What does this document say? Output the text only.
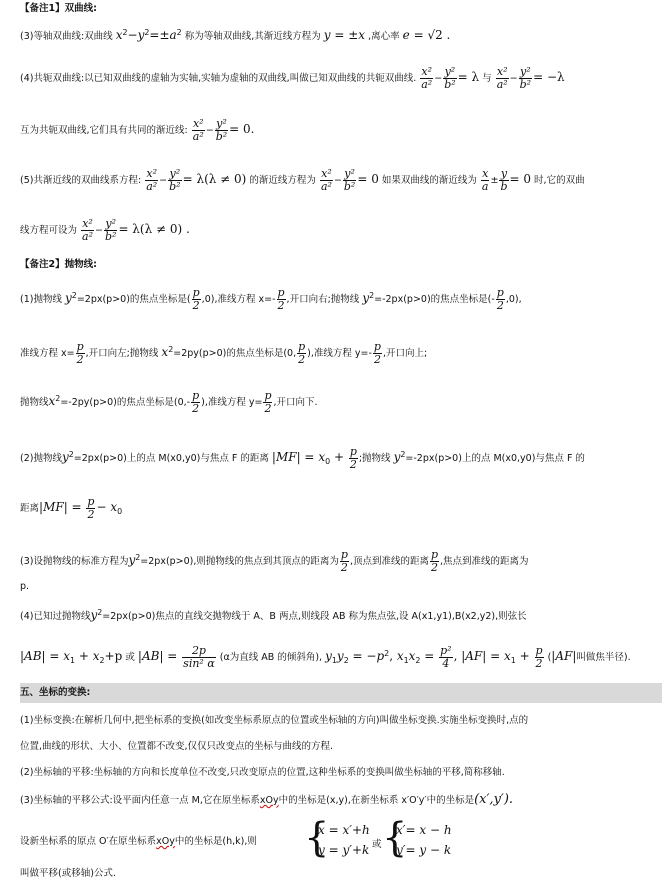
【备注1】双曲线:
(3)等轴双曲线:双曲线 $x^2-y^2=\pm a^2$ 称为等轴双曲线,其渐近线方程为 y = ±x ,离心率 e = √2 .
(4)共轭双曲线:以已知双曲线的虚轴为实轴,实轴为虚轴的双曲线,叫做已知双曲线的共轭双曲线. $\frac{\text{x²}}{\text{a²}} - \frac{\text{y²}}{\text{b²}} = \lambda$ 与 $\frac{\text{x²}}{\text{a²}} - \frac{\text{y²}}{\text{b²}} = -\lambda$
互为共轭双曲线,它们具有共同的渐近线: $\frac{\text{x²}}{\text{a²}} - \frac{\text{y²}}{\text{b²}} = 0$.
(5)共渐近线的双曲线系方程: $\frac{\text{x²}}{\text{a²}} - \frac{\text{y²}}{\text{b²}} = \lambda(\lambda \ne 0)$ 的渐近线方程为 $\frac{\text{x²}}{\text{a²}} - \frac{\text{y²}}{\text{b²}} = 0$ 如果双曲线的渐近线为 $\frac{x}{a} \pm \frac{y}{b} = 0$ 时,它的双曲
线方程可设为 $\frac{\text{x²}}{\text{a²}} - \frac{\text{y²}}{\text{b²}} = \lambda(\lambda \ne 0)$ .
【备注2】抛物线:
(1)抛物线 $y^2=2px(p>0)$的焦点坐标是( $\frac{p}{2} ,0$),准线方程 $x=- \frac{p}{2}$ ,开口向右;抛物线 $y^2=-2px(p>0)$的焦点坐标是(- $\frac{p}{2} ,0$),
准线方程 $x= \frac{p}{2}$ ,开口向左;抛物线 $x^2=2py(p>0)$的焦点坐标是(0, $\frac{p}{2}$ ),准线方程 $y=- \frac{p}{2}$ ,开口向上;
抛物线$x^2=-2py(p>0)$的焦点坐标是($0,- \frac{p}{2}$ ),准线方程 $y= \frac{p}{2}$ ,开口向下.
(2)抛物线$y^2=2px(p>0)$上的点 M(x0,y0)与焦点 F 的距离 $|MF| = x_0 + \frac{p}{2}$ ;抛物线 $y^2=-2px(p>0)$上的点 M(x0,y0)与焦点 F 的
距离$|MF| = \frac{p}{2} - x_0$
(3)设抛物线的标准方程为$y^2=2px(p>0)$,则抛物线的焦点到其顶点的距离为 $\frac{p}{2}$ ,顶点到准线的距离 $\frac{p}{2}$ ,焦点到准线的距离为
p.
(4)已知过抛物线$y^2=2px(p>0)$焦点的直线交抛物线于 A、B 两点,则线段 AB 称为焦点弦,设 A(x1,y1),B(x2,y2),则弦长
$|AB| = x_1 + x_2+p$ 或 $|AB| = \frac{2p}{\text{sin² α}} (\alpha$为直线 AB 的倾斜角), $y_1y_2 = -p^2$, $x_1x_2 = \frac{\text{p²}}{4}$ , $|AF| = x_1 + \frac{p}{2} (|AF|$叫做焦半径).
五、坐标的变换:
(1)坐标变换:在解析几何中,把坐标系的变换(如改变坐标系原点的位置或坐标轴的方向)叫做坐标变换.实施坐标变换时,点的
位置,曲线的形状、大小、位置都不改变,仅仅只改变点的坐标与曲线的方程.
(2)坐标轴的平移:坐标轴的方向和长度单位不改变,只改变原点的位置,这种坐标系的变换叫做坐标轴的平移,简称移轴.
(3)坐标轴的平移公式:设平面内任意一点 M,它在原坐标系xOy中的坐标是(x,y),在新坐标系 x′O′y′中的坐标是(x′,y′).
设新坐标系的原点 O′在原坐标系xOy中的坐标是(h,k),则 {
x = x′+h
y = y′+k 或 {
x′= x − h
y′= y − k
叫做平移(或移轴)公式.
